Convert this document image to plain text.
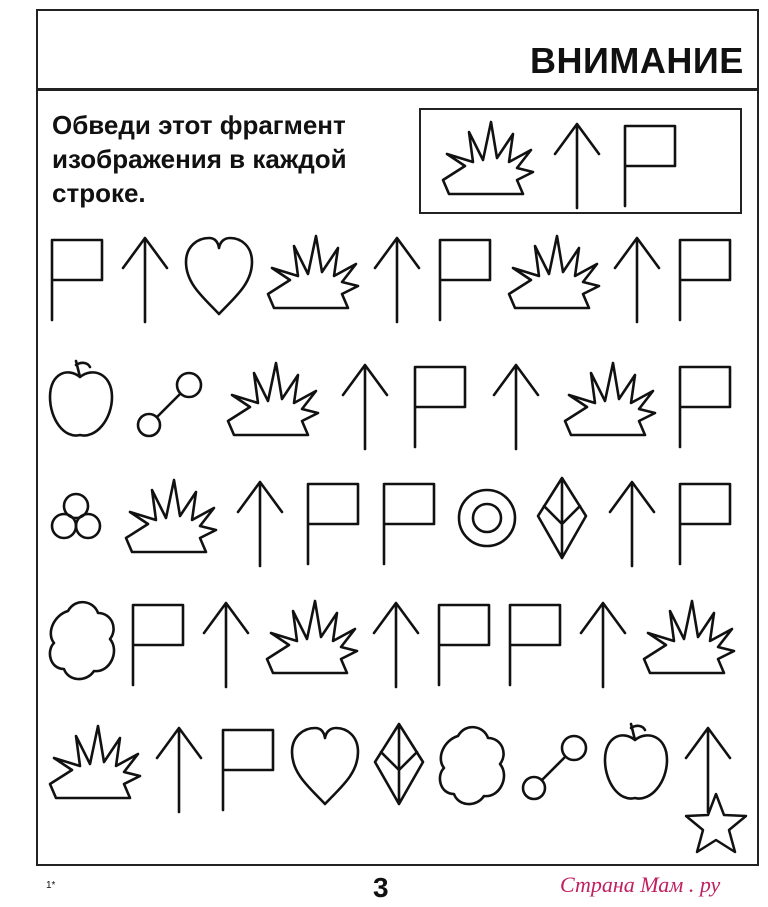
ВНИМАНИЕ
Обведи этот фрагмент
изображения в каждой
строке.
3	Страна Мам . ру
1*
